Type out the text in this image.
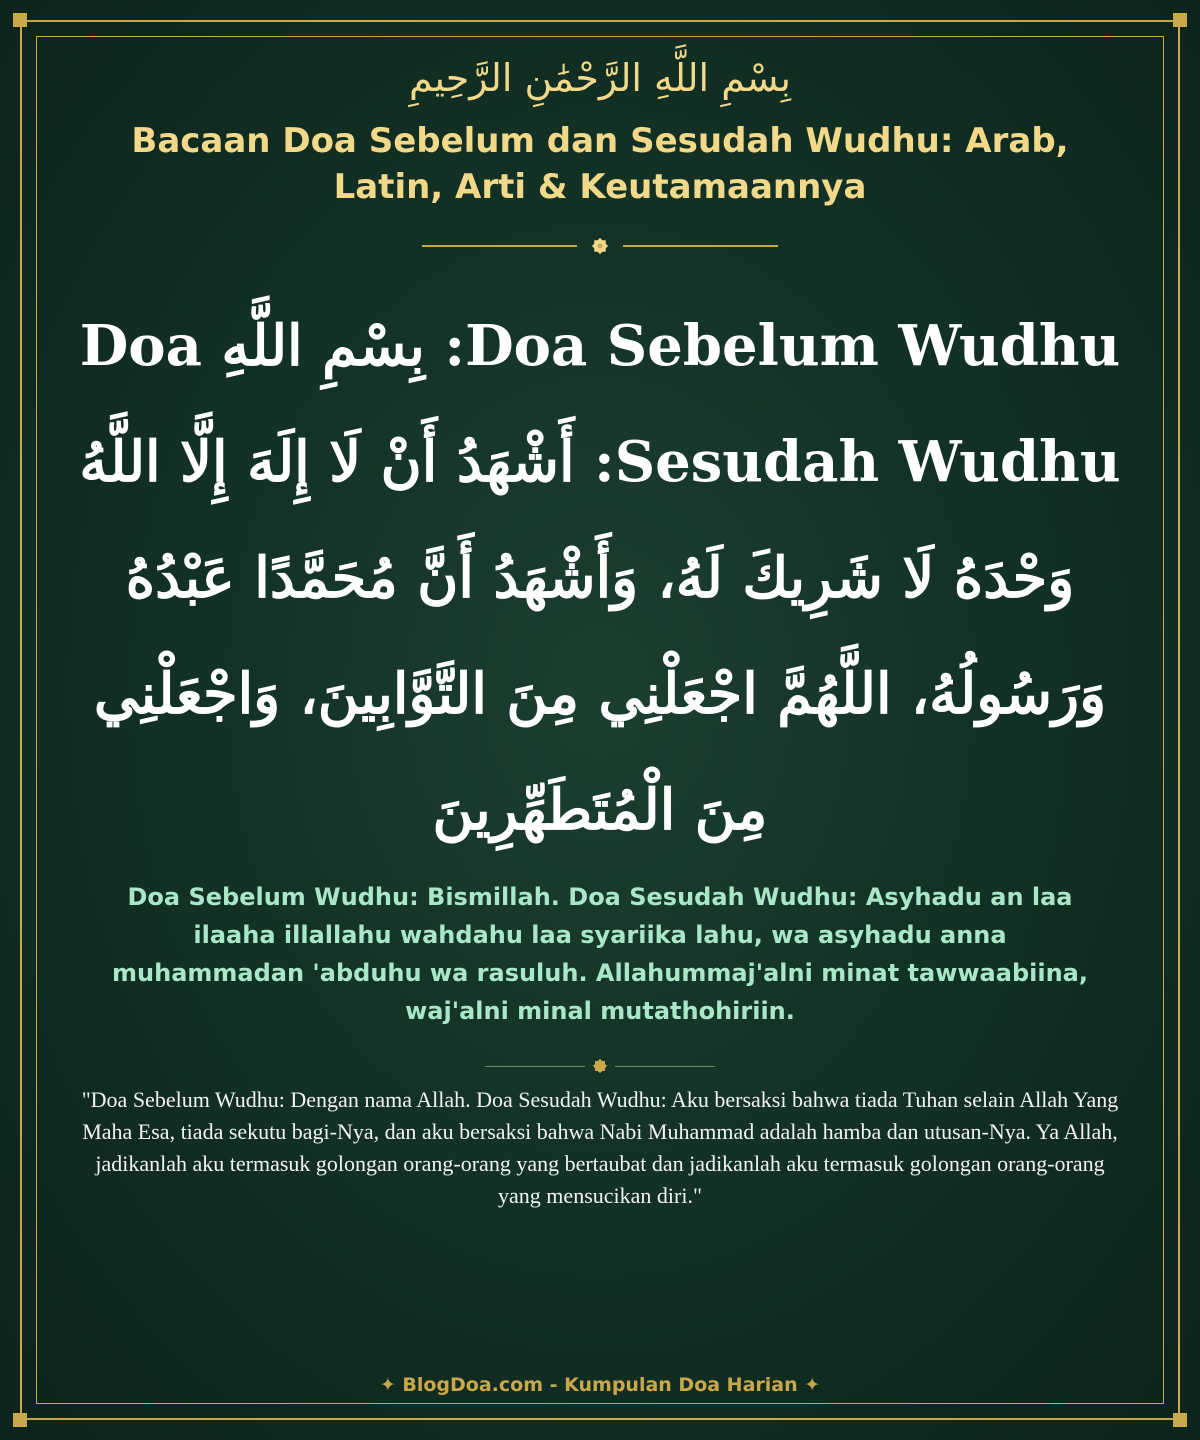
بِسْمِ اللَّهِ الرَّحْمَٰنِ الرَّحِيمِ
Bacaan Doa Sebelum dan Sesudah Wudhu: Arab, Latin, Arti & Keutamaannya
Doa Sebelum Wudhu: بِسْمِ اللَّهِ Doa Sesudah Wudhu: أَشْهَدُ أَنْ لَا إِلَهَ إِلَّا اللَّهُ وَحْدَهُ لَا شَرِيكَ لَهُ، وَأَشْهَدُ أَنَّ مُحَمَّدًا عَبْدُهُ وَرَسُولُهُ، اللَّهُمَّ اجْعَلْنِي مِنَ التَّوَّابِينَ، وَاجْعَلْنِي مِنَ الْمُتَطَهِّرِينَ
Doa Sebelum Wudhu: Bismillah. Doa Sesudah Wudhu: Asyhadu an laa ilaaha illallahu wahdahu laa syariika lahu, wa asyhadu anna muhammadan 'abduhu wa rasuluh. Allahummaj'alni minat tawwaabiina, waj'alni minal mutathohiriin.
"Doa Sebelum Wudhu: Dengan nama Allah. Doa Sesudah Wudhu: Aku bersaksi bahwa tiada Tuhan selain Allah Yang Maha Esa, tiada sekutu bagi-Nya, dan aku bersaksi bahwa Nabi Muhammad adalah hamba dan utusan-Nya. Ya Allah, jadikanlah aku termasuk golongan orang-orang yang bertaubat dan jadikanlah aku termasuk golongan orang-orang yang mensucikan diri."
✦ BlogDoa.com - Kumpulan Doa Harian ✦
